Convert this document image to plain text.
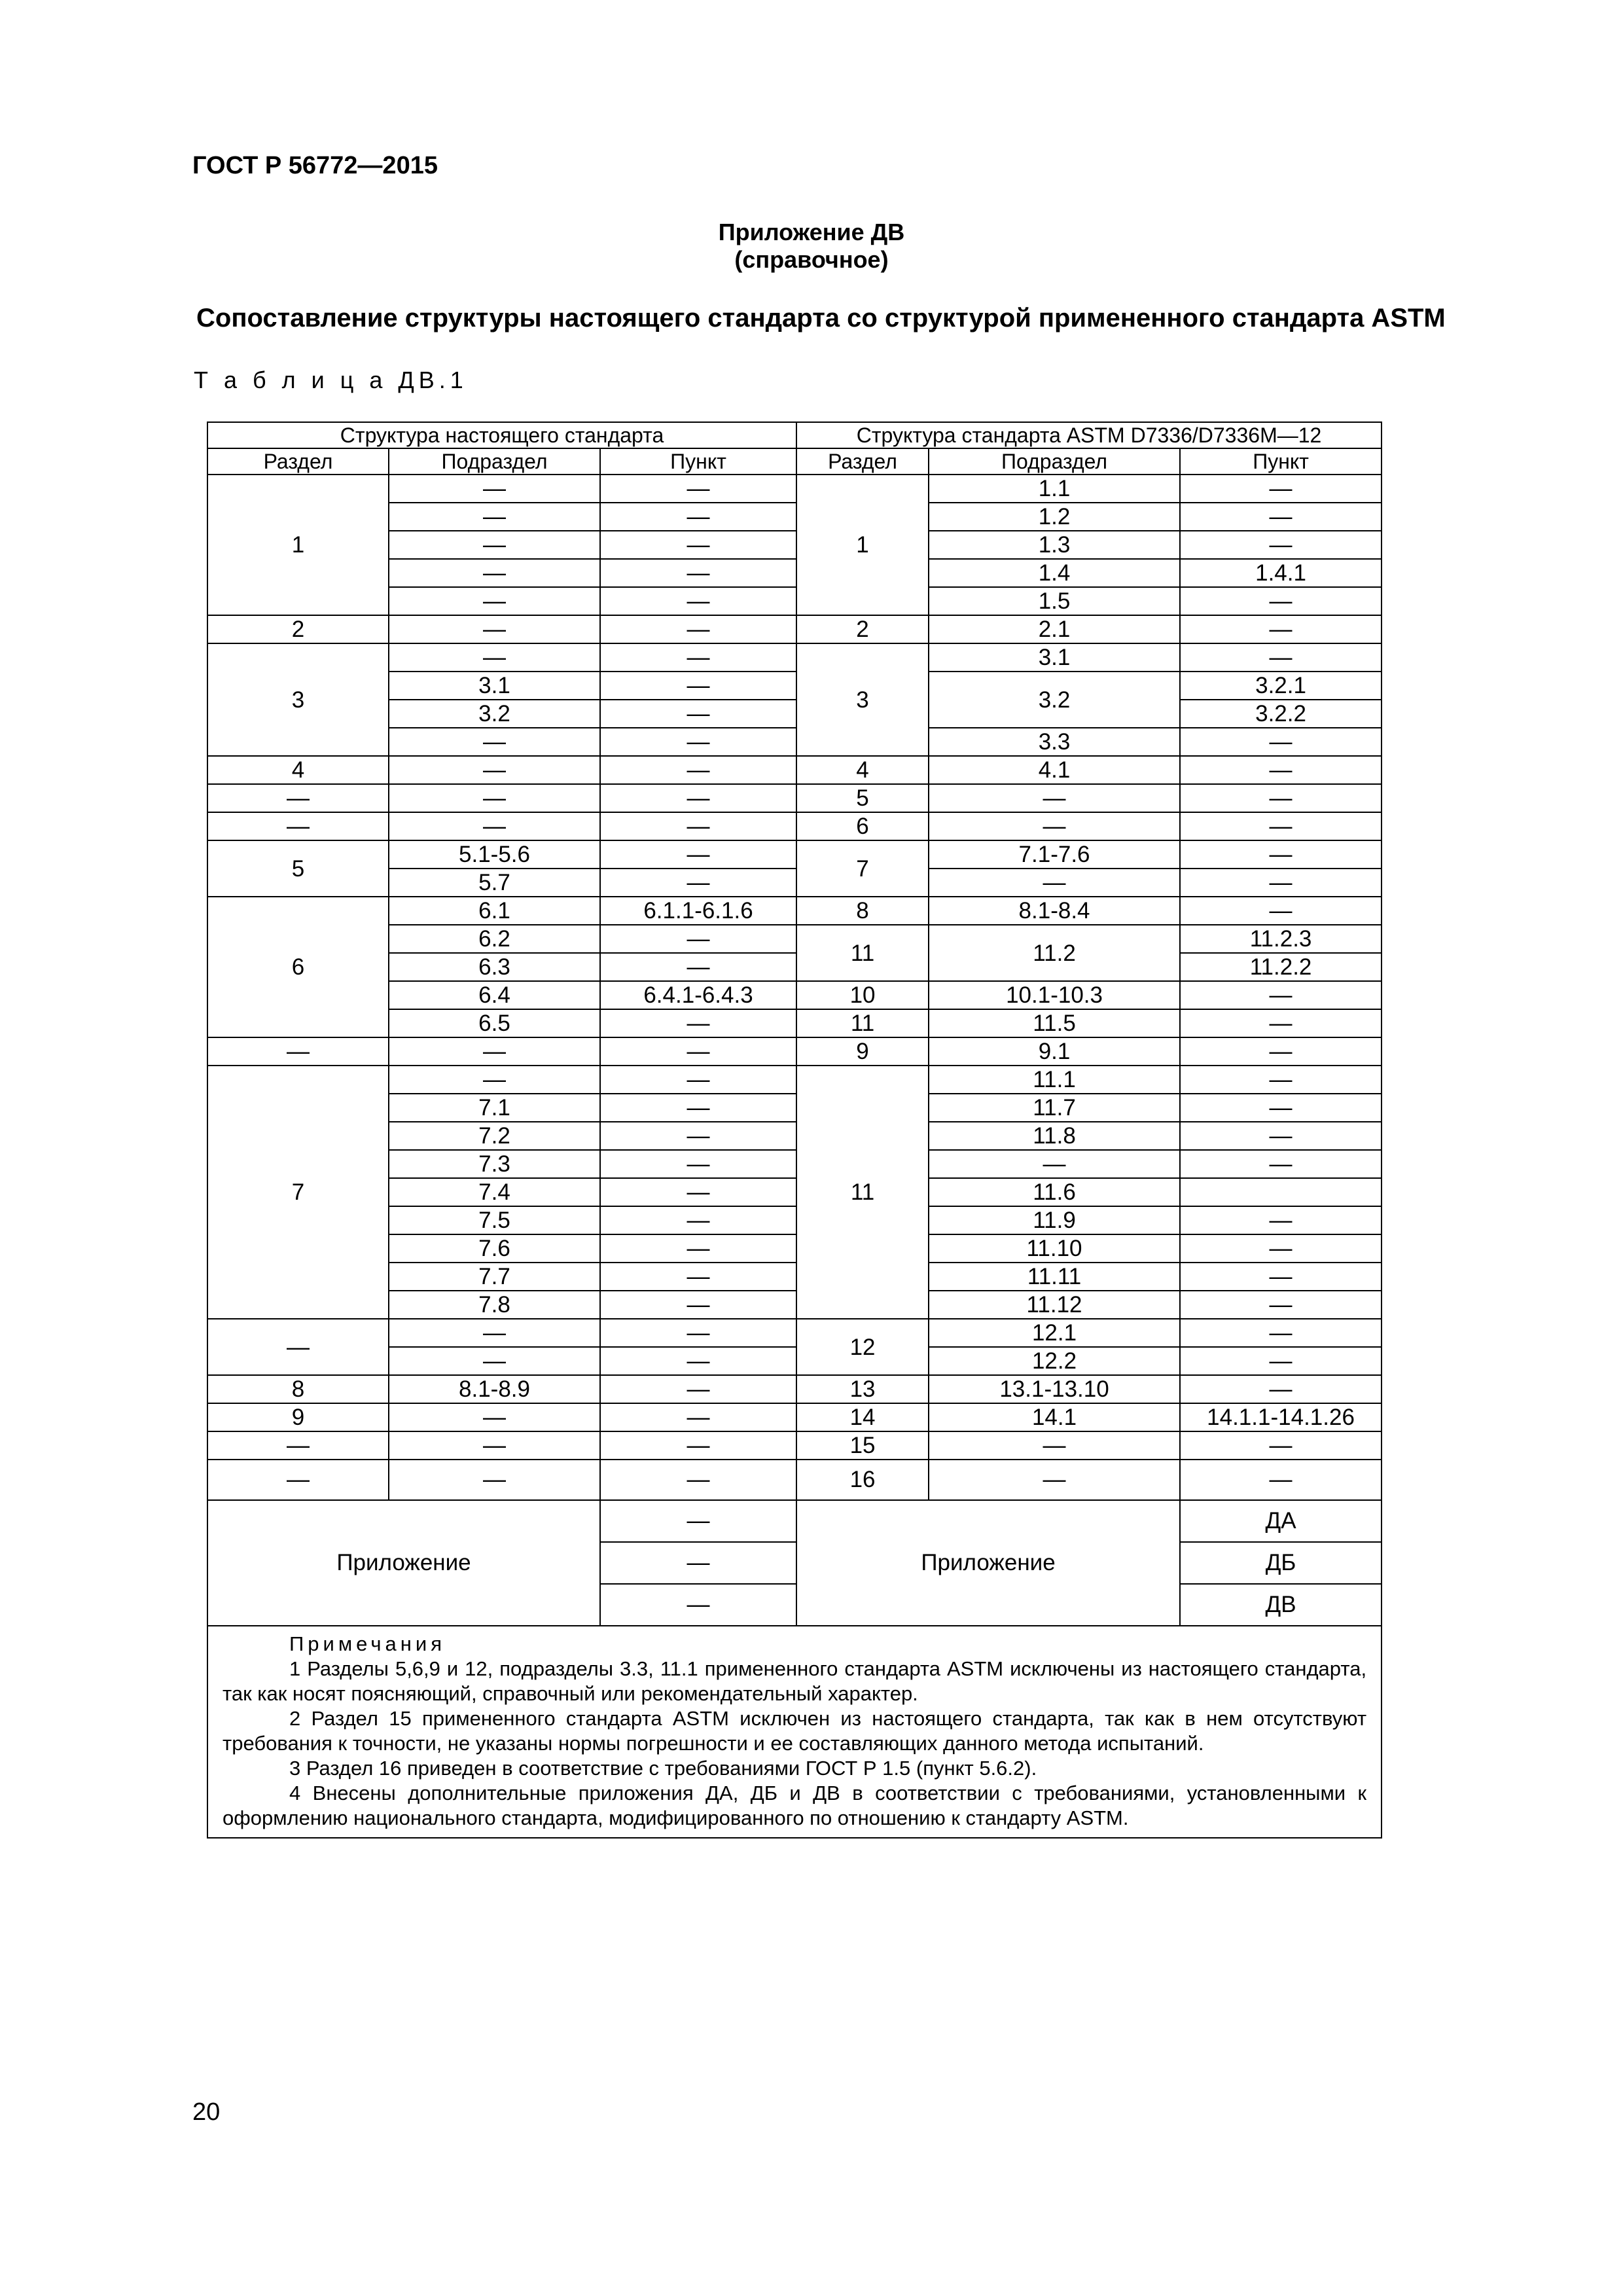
ГОСТ Р 56772—2015
Приложение ДВ
(справочное)
Сопоставление структуры настоящего стандарта со структурой примененного стандарта ASTM
Т а б л и ц а ДВ.1
Структура настоящего стандарта			Структура стандарта ASTM D7336/D7336M—12		
Раздел	Подраздел	Пункт	Раздел	Подраздел	Пункт
1	—	—	1	1.1	—
	—	—		1.2	—
	—	—		1.3	—
	—	—		1.4	1.4.1
	—	—		1.5	—
2	—	—	2	2.1	—
3	—	—	3	3.1	—
	3.1	—		3.2	3.2.1
	3.2	—			3.2.2
	—	—		3.3	—
4	—	—	4	4.1	—
—	—	—	5	—	—
—	—	—	6	—	—
5	5.1-5.6	—	7	7.1-7.6	—
	5.7	—		—	—
6	6.1	6.1.1-6.1.6	8	8.1-8.4	—
	6.2	—	11	11.2	11.2.3
	6.3	—			11.2.2
	6.4	6.4.1-6.4.3	10	10.1-10.3	—
	6.5	—	11	11.5	—
—	—	—	9	9.1	—
7	—	—	11	11.1	—
	7.1	—		11.7	—
	7.2	—		11.8	—
	7.3	—		—	—
	7.4	—		11.6	
	7.5	—		11.9	—
	7.6	—		11.10	—
	7.7	—		11.11	—
	7.8	—		11.12	—
—	—	—	12	12.1	—
	—	—		12.2	—
8	8.1-8.9	—	13	13.1-13.10	—
9	—	—	14	14.1	14.1.1-14.1.26
—	—	—	15	—	—
—	—	—	16	—	—
Приложение		—	Приложение		ДА
		—			ДБ
		—			ДВ

Примечания

1 Разделы 5,6,9 и 12, подразделы 3.3, 11.1 примененного стандарта ASTM исключены из настоящего стандарта, так как носят поясняющий, справочный или рекомендательный характер.

2 Раздел 15 примененного стандарта ASTM исключен из настоящего стандарта, так как в нем отсутствуют требования к точности, не указаны нормы погрешности и ее составляющих данного метода испытаний.

3 Раздел 16 приведен в соответствие с требованиями ГОСТ Р 1.5 (пункт 5.6.2).

4 Внесены дополнительные приложения ДА, ДБ и ДВ в соответствии с требованиями, установленными к оформлению национального стандарта, модифицированного по отношению к стандарту ASTM.					

20
